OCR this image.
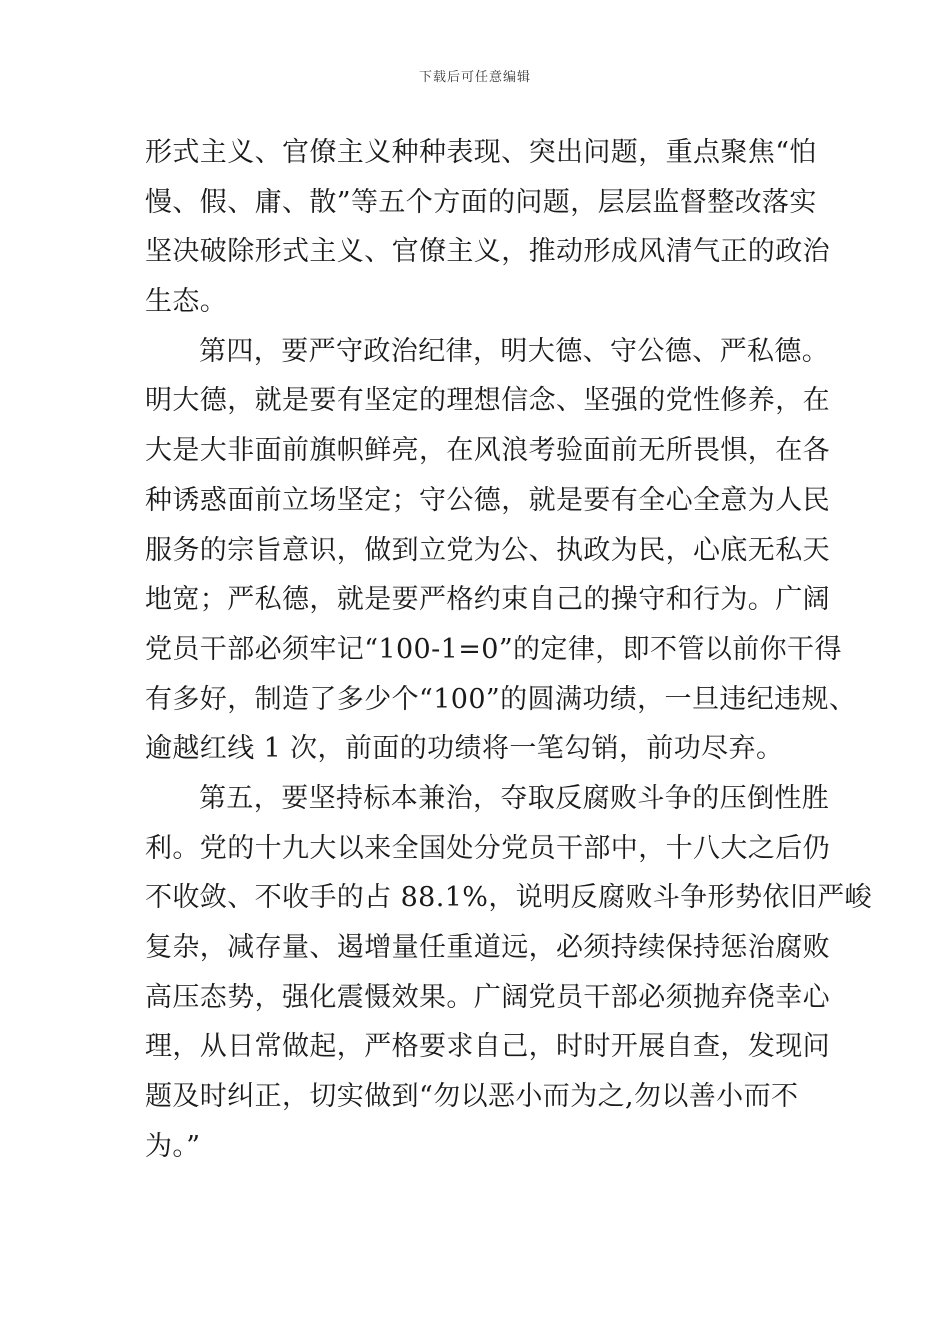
下载后可任意编辑
形式主义、官僚主义种种表现、突出问题，重点聚焦“怕
慢、假、庸、散”等五个方面的问题，层层监督整改落实
坚决破除形式主义、官僚主义，推动形成风清气正的政治
生态。
第四，要严守政治纪律，明大德、守公德、严私德。
明大德，就是要有坚定的理想信念、坚强的党性修养，在
大是大非面前旗帜鲜亮，在风浪考验面前无所畏惧，在各
种诱惑面前立场坚定；守公德，就是要有全心全意为人民
服务的宗旨意识，做到立党为公、执政为民，心底无私天
地宽；严私德，就是要严格约束自己的操守和行为。广阔
党员干部必须牢记“100-1=0”的定律，即不管以前你干得
有多好，制造了多少个“100”的圆满功绩，一旦违纪违规、
逾越红线 1 次，前面的功绩将一笔勾销，前功尽弃。
第五，要坚持标本兼治，夺取反腐败斗争的压倒性胜
利。党的十九大以来全国处分党员干部中，十八大之后仍
不收敛、不收手的占 88.1%，说明反腐败斗争形势依旧严峻
复杂，减存量、遏增量任重道远，必须持续保持惩治腐败
高压态势，强化震慑效果。广阔党员干部必须抛弃侥幸心
理，从日常做起，严格要求自己，时时开展自查，发现问
题及时纠正，切实做到“勿以恶小而为之,勿以善小而不
为。”
